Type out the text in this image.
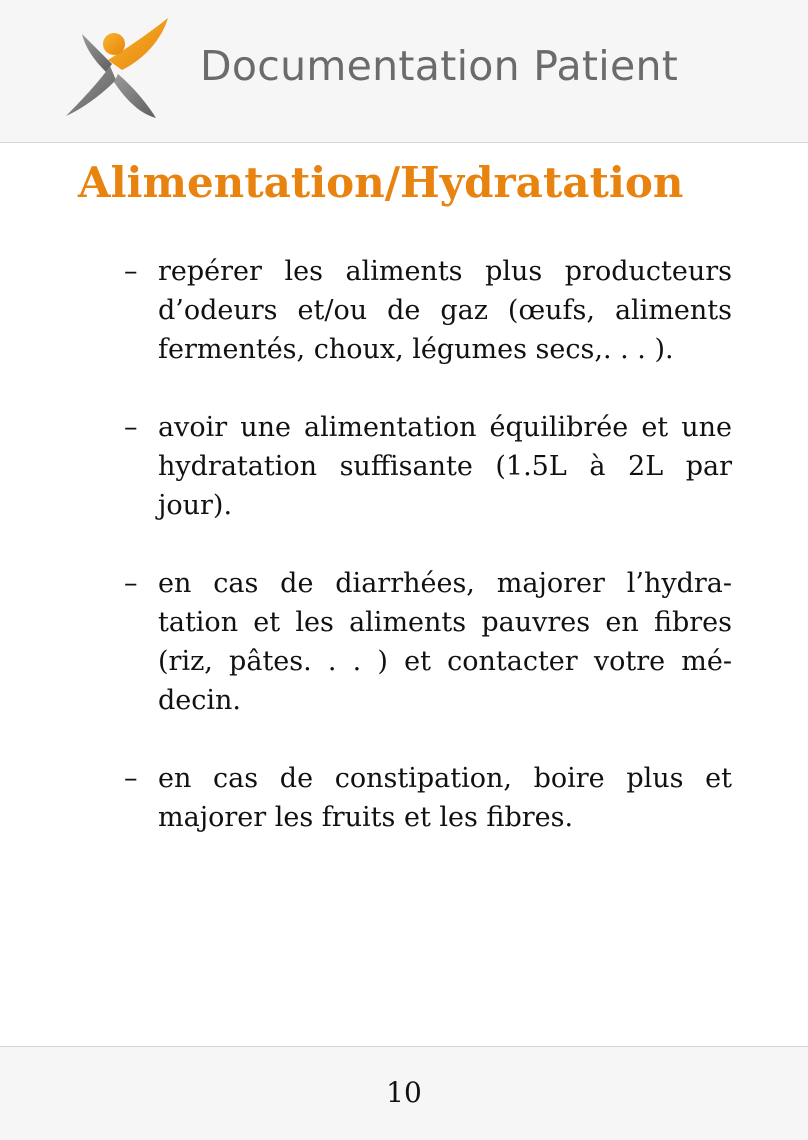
Documentation Patient
Alimentation/Hydratation
– repérer les aliments plus producteurs d’odeurs et/ou de gaz (œufs, aliments fermentés, choux, légumes secs,. . . ).
– avoir une alimentation équilibrée et une hydratation suffisante (1.5L à 2L par jour).
– en cas de diarrhées, majorer l’hydratation et les aliments pauvres en fibres (riz, pâtes. . . ) et contacter votre médecin.
– en cas de constipation, boire plus et majorer les fruits et les fibres.
10
